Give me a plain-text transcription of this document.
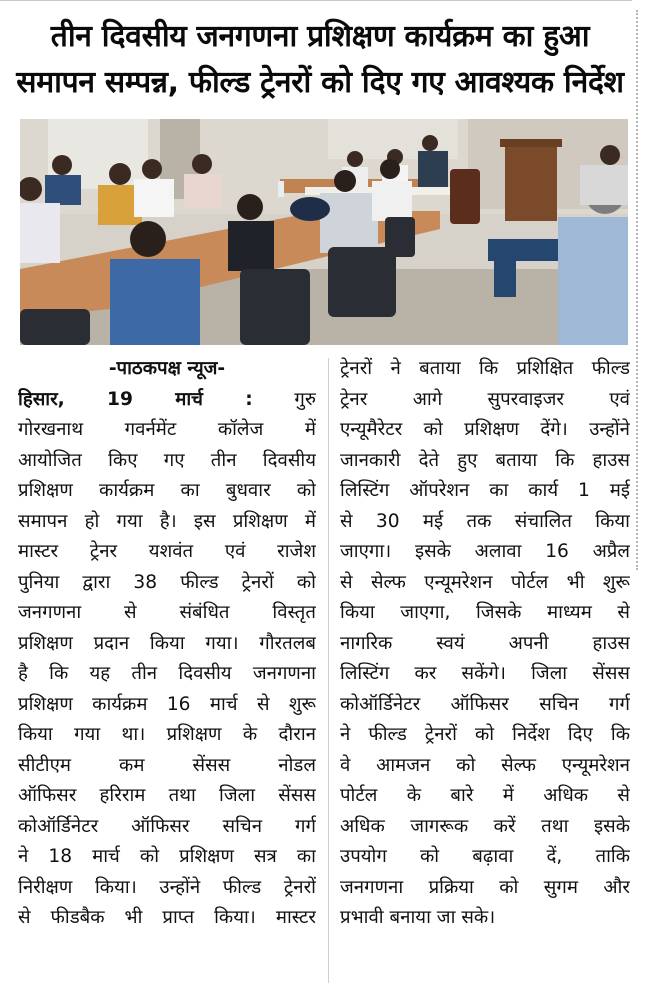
तीन दिवसीय जनगणना प्रशिक्षण कार्यक्रम का हुआ
समापन सम्पन्न, फील्ड ट्रेनरों को दिए गए आवश्यक निर्देश
-पाठकपक्ष न्यूज-
हिसार, 19 मार्च : गुरु
गोरखनाथ गवर्नमेंट कॉलेज में
आयोजित किए गए तीन दिवसीय
प्रशिक्षण कार्यक्रम का बुधवार को
समापन हो गया है। इस प्रशिक्षण में
मास्टर ट्रेनर यशवंत एवं राजेश
पुनिया द्वारा 38 फील्ड ट्रेनरों को
जनगणना से संबंधित विस्तृत
प्रशिक्षण प्रदान किया गया। गौरतलब
है कि यह तीन दिवसीय जनगणना
प्रशिक्षण कार्यक्रम 16 मार्च से शुरू
किया गया था। प्रशिक्षण के दौरान
सीटीएम कम सेंसस नोडल
ऑफिसर हरिराम तथा जिला सेंसस
कोऑर्डिनेटर ऑफिसर सचिन गर्ग
ने 18 मार्च को प्रशिक्षण सत्र का
निरीक्षण किया। उन्होंने फील्ड ट्रेनरों
से फीडबैक भी प्राप्त किया। मास्टर
ट्रेनरों ने बताया कि प्रशिक्षित फील्ड
ट्रेनर आगे सुपरवाइजर एवं
एन्यूमैरेटर को प्रशिक्षण देंगे। उन्होंने
जानकारी देते हुए बताया कि हाउस
लिस्टिंग ऑपरेशन का कार्य 1 मई
से 30 मई तक संचालित किया
जाएगा। इसके अलावा 16 अप्रैल
से सेल्फ एन्यूमरेशन पोर्टल भी शुरू
किया जाएगा, जिसके माध्यम से
नागरिक स्वयं अपनी हाउस
लिस्टिंग कर सकेंगे। जिला सेंसस
कोऑर्डिनेटर ऑफिसर सचिन गर्ग
ने फील्ड ट्रेनरों को निर्देश दिए कि
वे आमजन को सेल्फ एन्यूमरेशन
पोर्टल के बारे में अधिक से
अधिक जागरूक करें तथा इसके
उपयोग को बढ़ावा दें, ताकि
जनगणना प्रक्रिया को सुगम और
प्रभावी बनाया जा सके।
